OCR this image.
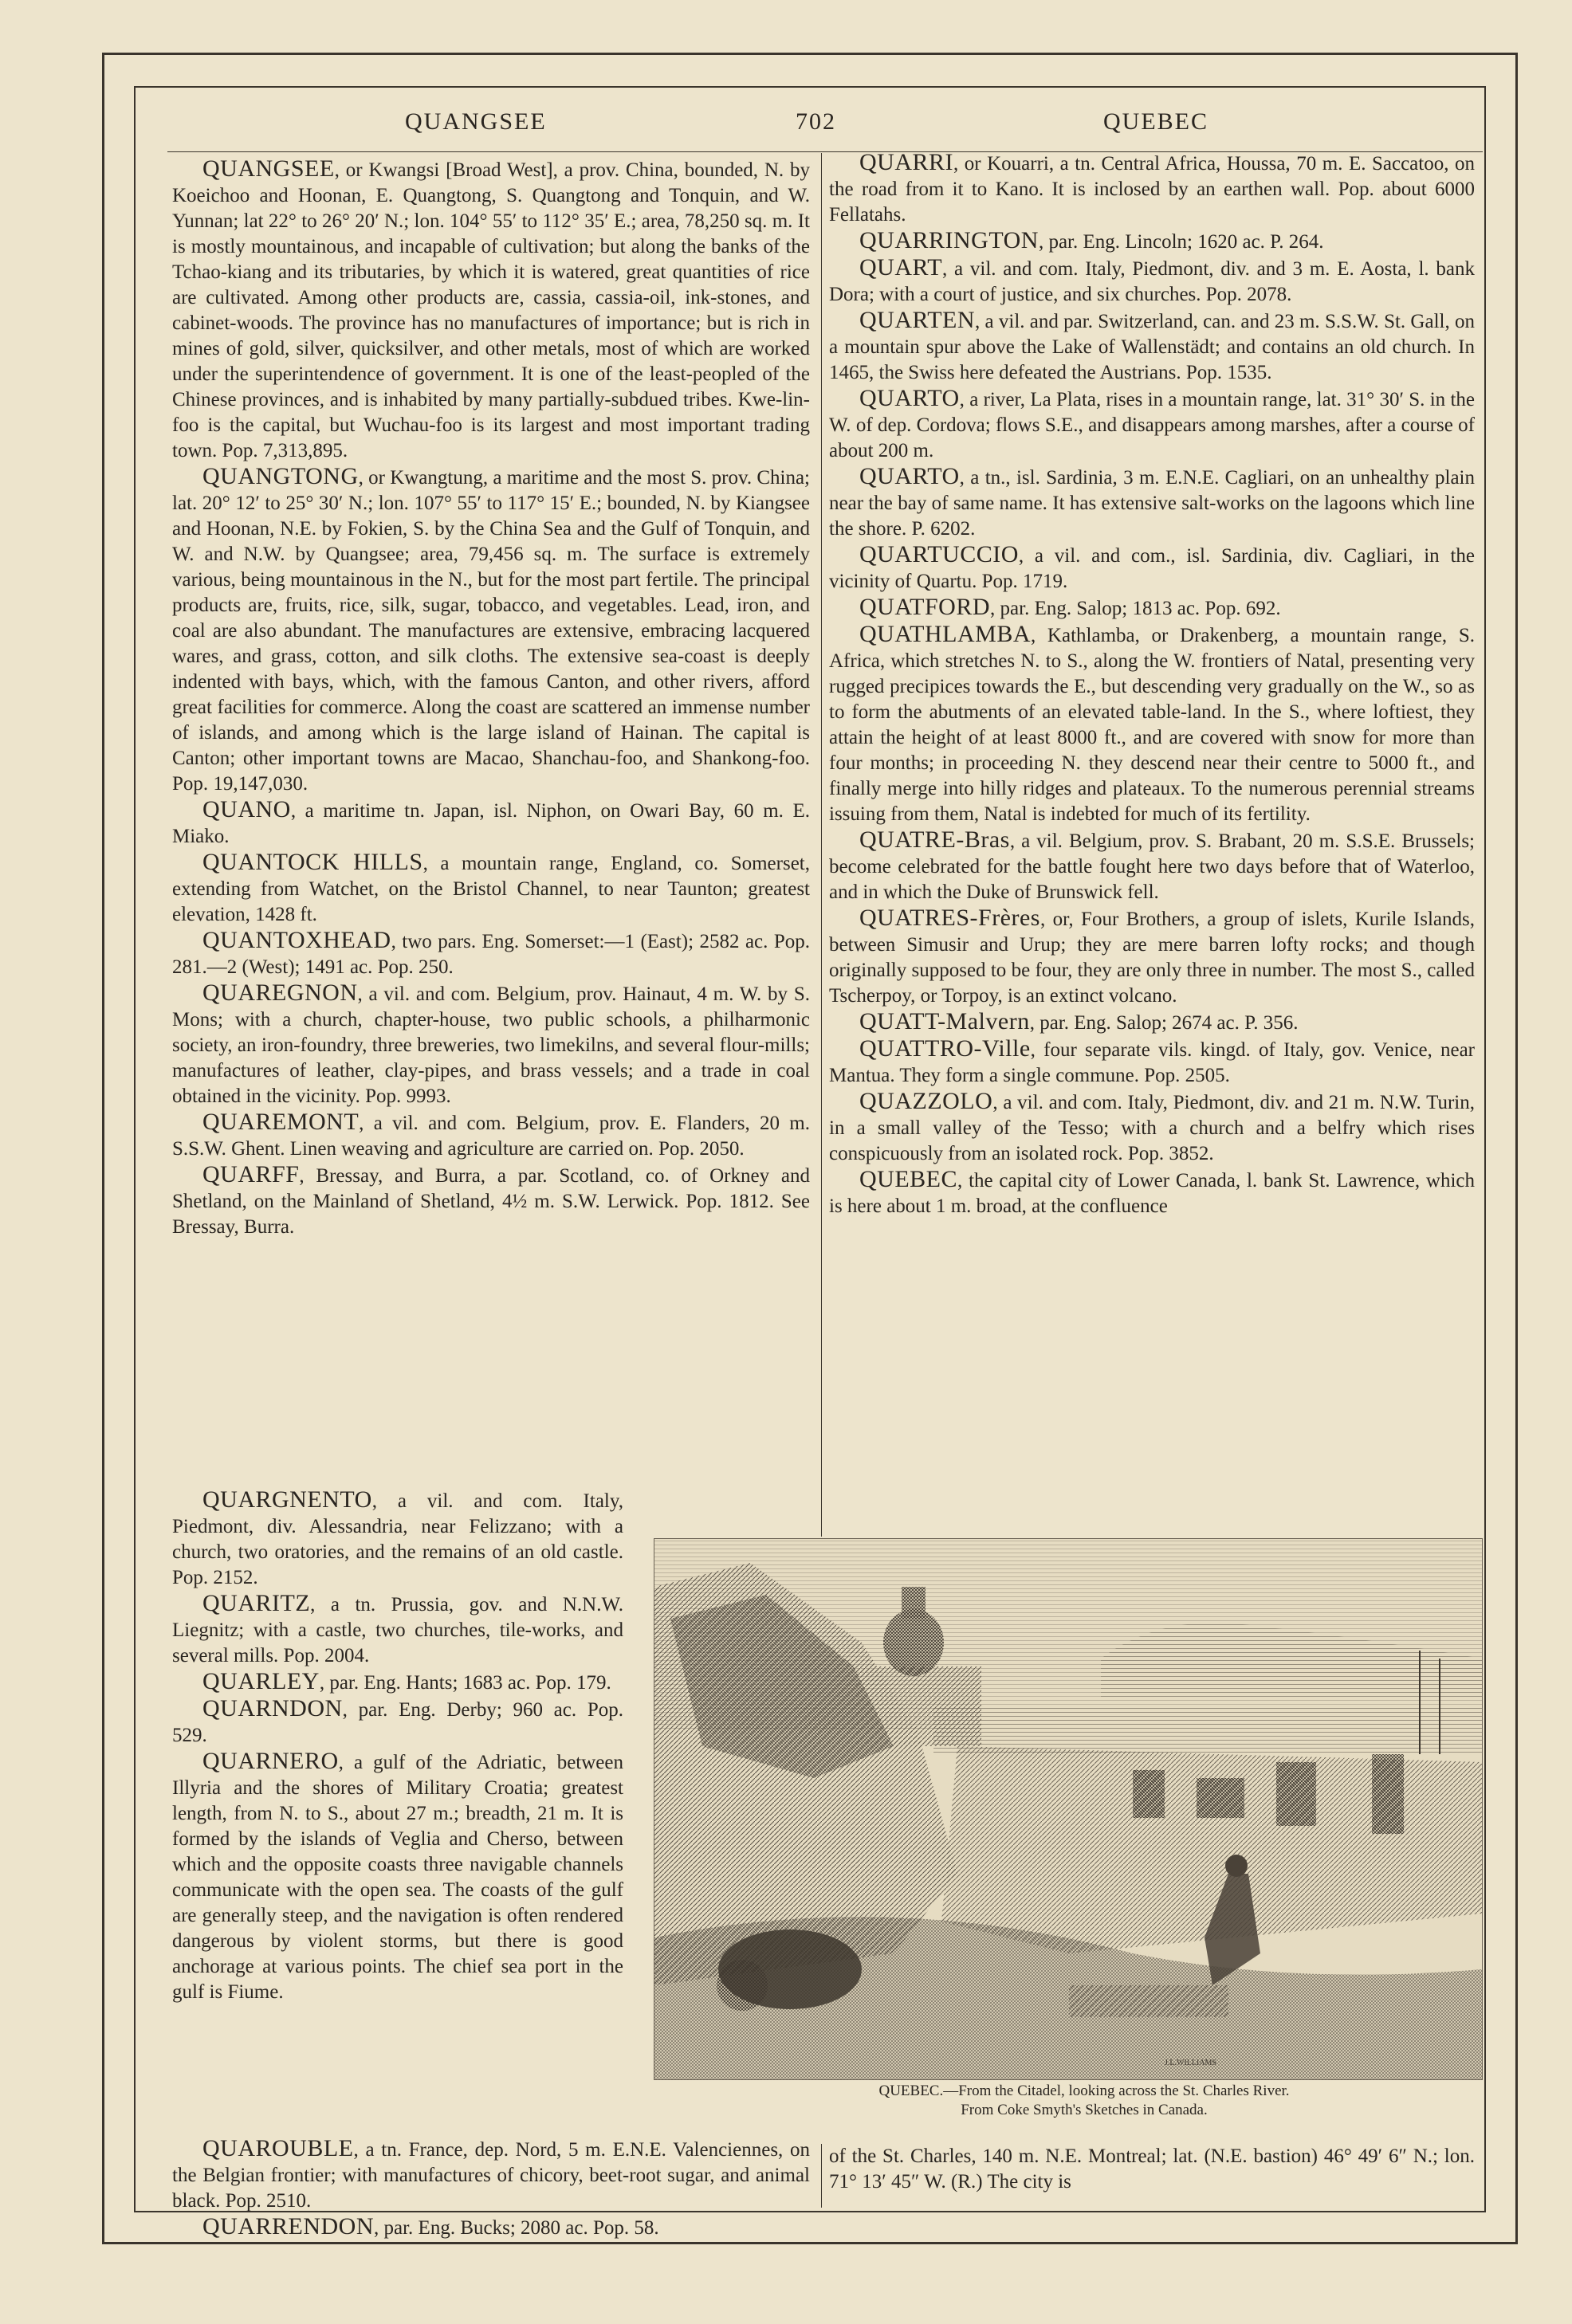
QUANGSEE	702	QUEBEC

QUANGSEE, or Kwangsi [Broad West], a prov. China, bounded, N. by Koeichoo and Hoonan, E. Quangtong, S. Quangtong and Tonquin, and W. Yunnan; lat 22° to 26° 20′ N.; lon. 104° 55′ to 112° 35′ E.; area, 78,250 sq. m. It is mostly mountainous, and incapable of cultivation; but along the banks of the Tchao-kiang and its tributaries, by which it is watered, great quantities of rice are cultivated. Among other products are, cassia, cassia-oil, ink-stones, and cabinet-woods. The province has no manufactures of importance; but is rich in mines of gold, silver, quicksilver, and other metals, most of which are worked under the superintendence of government. It is one of the least-peopled of the Chinese provinces, and is inhabited by many partially-subdued tribes. Kwe-lin-foo is the capital, but Wuchau-foo is its largest and most important trading town. Pop. 7,313,895.

QUANGTONG, or Kwangtung, a maritime and the most S. prov. China; lat. 20° 12′ to 25° 30′ N.; lon. 107° 55′ to 117° 15′ E.; bounded, N. by Kiangsee and Hoonan, N.E. by Fokien, S. by the China Sea and the Gulf of Tonquin, and W. and N.W. by Quangsee; area, 79,456 sq. m. The surface is extremely various, being mountainous in the N., but for the most part fertile. The principal products are, fruits, rice, silk, sugar, tobacco, and vegetables. Lead, iron, and coal are also abundant. The manufactures are extensive, embracing lacquered wares, and grass, cotton, and silk cloths. The extensive sea-coast is deeply indented with bays, which, with the famous Canton, and other rivers, afford great facilities for commerce. Along the coast are scattered an immense number of islands, and among which is the large island of Hainan. The capital is Canton; other important towns are Macao, Shanchau-foo, and Shankong-foo. Pop. 19,147,030.

QUANO, a maritime tn. Japan, isl. Niphon, on Owari Bay, 60 m. E. Miako.

QUANTOCK HILLS, a mountain range, England, co. Somerset, extending from Watchet, on the Bristol Channel, to near Taunton; greatest elevation, 1428 ft.

QUANTOXHEAD, two pars. Eng. Somerset:—1 (East); 2582 ac. Pop. 281.—2 (West); 1491 ac. Pop. 250.

QUAREGNON, a vil. and com. Belgium, prov. Hainaut, 4 m. W. by S. Mons; with a church, chapter-house, two public schools, a philharmonic society, an iron-foundry, three breweries, two limekilns, and several flour-mills; manufactures of leather, clay-pipes, and brass vessels; and a trade in coal obtained in the vicinity. Pop. 9993.

QUAREMONT, a vil. and com. Belgium, prov. E. Flanders, 20 m. S.S.W. Ghent. Linen weaving and agriculture are carried on. Pop. 2050.

QUARFF, Bressay, and Burra, a par. Scotland, co. of Orkney and Shetland, on the Mainland of Shetland, 4½ m. S.W. Lerwick. Pop. 1812. See Bressay, Burra.

QUARGNENTO, a vil. and com. Italy, Piedmont, div. Alessandria, near Felizzano; with a church, two oratories, and the remains of an old castle. Pop. 2152.

QUARITZ, a tn. Prussia, gov. and N.N.W. Liegnitz; with a castle, two churches, tile-works, and several mills. Pop. 2004.

QUARLEY, par. Eng. Hants; 1683 ac. Pop. 179.

QUARNDON, par. Eng. Derby; 960 ac. Pop. 529.

QUARNERO, a gulf of the Adriatic, between Illyria and the shores of Military Croatia; greatest length, from N. to S., about 27 m.; breadth, 21 m. It is formed by the islands of Veglia and Cherso, between which and the opposite coasts three navigable channels communicate with the open sea. The coasts of the gulf are generally steep, and the navigation is often rendered dangerous by violent storms, but there is good anchorage at various points. The chief sea port in the gulf is Fiume.

QUAROUBLE, a tn. France, dep. Nord, 5 m. E.N.E. Valenciennes, on the Belgian frontier; with manufactures of chicory, beet-root sugar, and animal black. Pop. 2510.

QUARRENDON, par. Eng. Bucks; 2080 ac. Pop. 58.

QUARRI, or Kouarri, a tn. Central Africa, Houssa, 70 m. E. Saccatoo, on the road from it to Kano. It is inclosed by an earthen wall. Pop. about 6000 Fellatahs.

QUARRINGTON, par. Eng. Lincoln; 1620 ac. P. 264.

QUART, a vil. and com. Italy, Piedmont, div. and 3 m. E. Aosta, l. bank Dora; with a court of justice, and six churches. Pop. 2078.

QUARTEN, a vil. and par. Switzerland, can. and 23 m. S.S.W. St. Gall, on a mountain spur above the Lake of Wallenstädt; and contains an old church. In 1465, the Swiss here defeated the Austrians. Pop. 1535.

QUARTO, a river, La Plata, rises in a mountain range, lat. 31° 30′ S. in the W. of dep. Cordova; flows S.E., and disappears among marshes, after a course of about 200 m.

QUARTO, a tn., isl. Sardinia, 3 m. E.N.E. Cagliari, on an unhealthy plain near the bay of same name. It has extensive salt-works on the lagoons which line the shore. P. 6202.

QUARTUCCIO, a vil. and com., isl. Sardinia, div. Cagliari, in the vicinity of Quartu. Pop. 1719.

QUATFORD, par. Eng. Salop; 1813 ac. Pop. 692.

QUATHLAMBA, Kathlamba, or Drakenberg, a mountain range, S. Africa, which stretches N. to S., along the W. frontiers of Natal, presenting very rugged precipices towards the E., but descending very gradually on the W., so as to form the abutments of an elevated table-land. In the S., where loftiest, they attain the height of at least 8000 ft., and are covered with snow for more than four months; in proceeding N. they descend near their centre to 5000 ft., and finally merge into hilly ridges and plateaux. To the numerous perennial streams issuing from them, Natal is indebted for much of its fertility.

QUATRE-Bras, a vil. Belgium, prov. S. Brabant, 20 m. S.S.E. Brussels; become celebrated for the battle fought here two days before that of Waterloo, and in which the Duke of Brunswick fell.

QUATRES-Frères, or, Four Brothers, a group of islets, Kurile Islands, between Simusir and Urup; they are mere barren lofty rocks; and though originally supposed to be four, they are only three in number. The most S., called Tscherpoy, or Torpoy, is an extinct volcano.

QUATT-Malvern, par. Eng. Salop; 2674 ac. P. 356.

QUATTRO-Ville, four separate vils. kingd. of Italy, gov. Venice, near Mantua. They form a single commune. Pop. 2505.

QUAZZOLO, a vil. and com. Italy, Piedmont, div. and 21 m. N.W. Turin, in a small valley of the Tesso; with a church and a belfry which rises conspicuously from an isolated rock. Pop. 3852.

QUEBEC, the capital city of Lower Canada, l. bank St. Lawrence, which is here about 1 m. broad, at the confluence

of the St. Charles, 140 m. N.E. Montreal; lat. (N.E. bastion) 46° 49′ 6″ N.; lon. 71° 13′ 45″ W. (R.) The city is

J.L.WILLIAMS
QUEBEC.—From the Citadel, looking across the St. Charles River.
From Coke Smyth's Sketches in Canada.
